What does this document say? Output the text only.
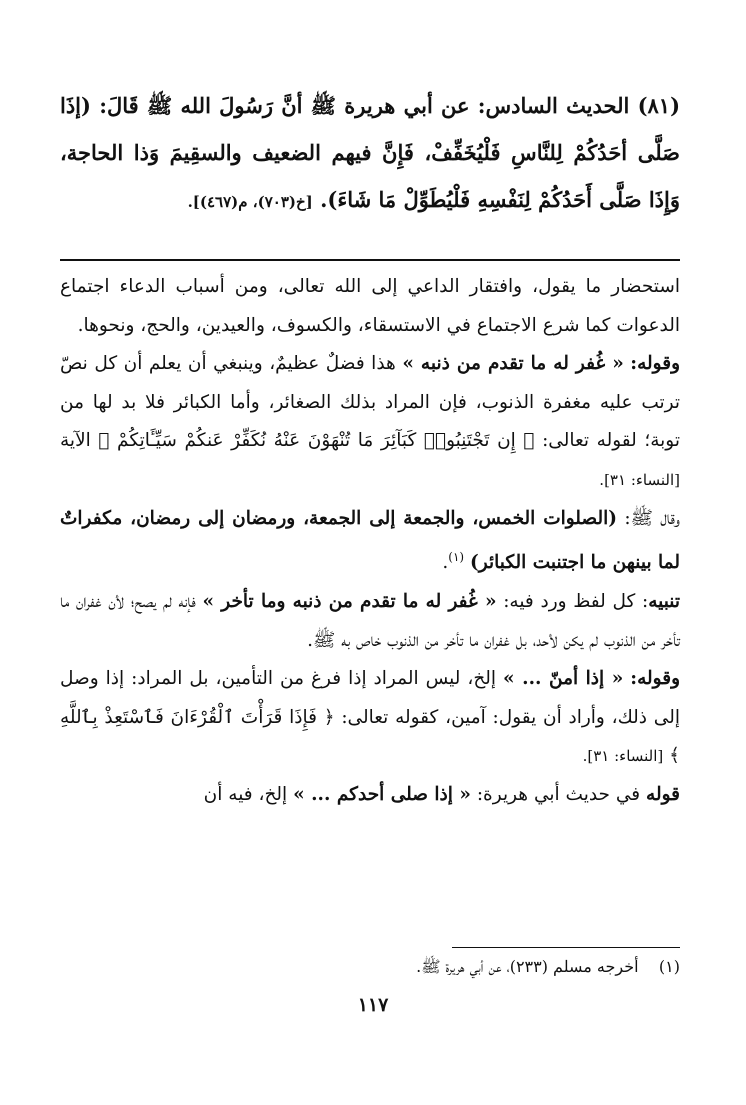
(٨١) الحديث السادس: عن أبي هريرة ﷺ أنَّ رَسُولَ الله ﷺ قَالَ: (إذَا صَلَّى أحَدُكُمْ لِلنَّاسِ فَلْيُخَفِّفْ، فَإِنَّ فيهم الضعيف والسقِيمَ وَذا الحاجة، وَإِذَا صَلَّى أَحَدُكُمْ لِنَفْسِهِ فَلْيُطَوِّلْ مَا شَاءَ). [خ(٧٠٣)، م(٤٦٧)].

استحضار ما يقول، وافتقار الداعي إلى الله تعالى، ومن أسباب الدعاء اجتماع الدعوات كما شرع الاجتماع في الاستسقاء، والكسوف، والعيدين، والحج، ونحوها.

وقوله: « غُفر له ما تقدم من ذنبه » هذا فضلٌ عظيمٌ، وينبغي أن يعلم أن كل نصّ ترتب عليه مغفرة الذنوب، فإن المراد بذلك الصغائر، وأما الكبائر فلا بد لها من توبة؛ لقوله تعالى: ﴿ إِن تَجْتَنِبُوا۟ كَبَآئِرَ مَا تُنْهَوْنَ عَنْهُ نُكَفِّرْ عَنكُمْ سَيِّـَٔاتِكُمْ ﴾ الآية [النساء: ٣١].

وقال ﷺ: (الصلوات الخمس، والجمعة إلى الجمعة، ورمضان إلى رمضان، مكفراتٌ لما بينهن ما اجتنبت الكبائر) $^{(١)}$.

تنبيه: كل لفظ ورد فيه: « غُفر له ما تقدم من ذنبه وما تأخر » فإنه لم يصح؛ لأن غفران ما تأخر من الذنوب لم يكن لأحد، بل غفران ما تأخر من الذنوب خاص به ﷺ.

وقوله: « إذا أمنّ ... » إلخ، ليس المراد إذا فرغ من التأمين، بل المراد: إذا وصل إلى ذلك، وأراد أن يقول: آمين، كقوله تعالى: ﴿ فَإِذَا قَرَأْتَ ٱلْقُرْءَانَ فَٱسْتَعِذْ بِٱللَّهِ ﴾ [النساء: ٣١].

قوله في حديث أبي هريرة: « إذا صلى أحدكم ... » إلخ، فيه أن

(١)    أخرجه مسلم (٢٣٣)، عن أبي هريرة ﷺ.
١١٧
